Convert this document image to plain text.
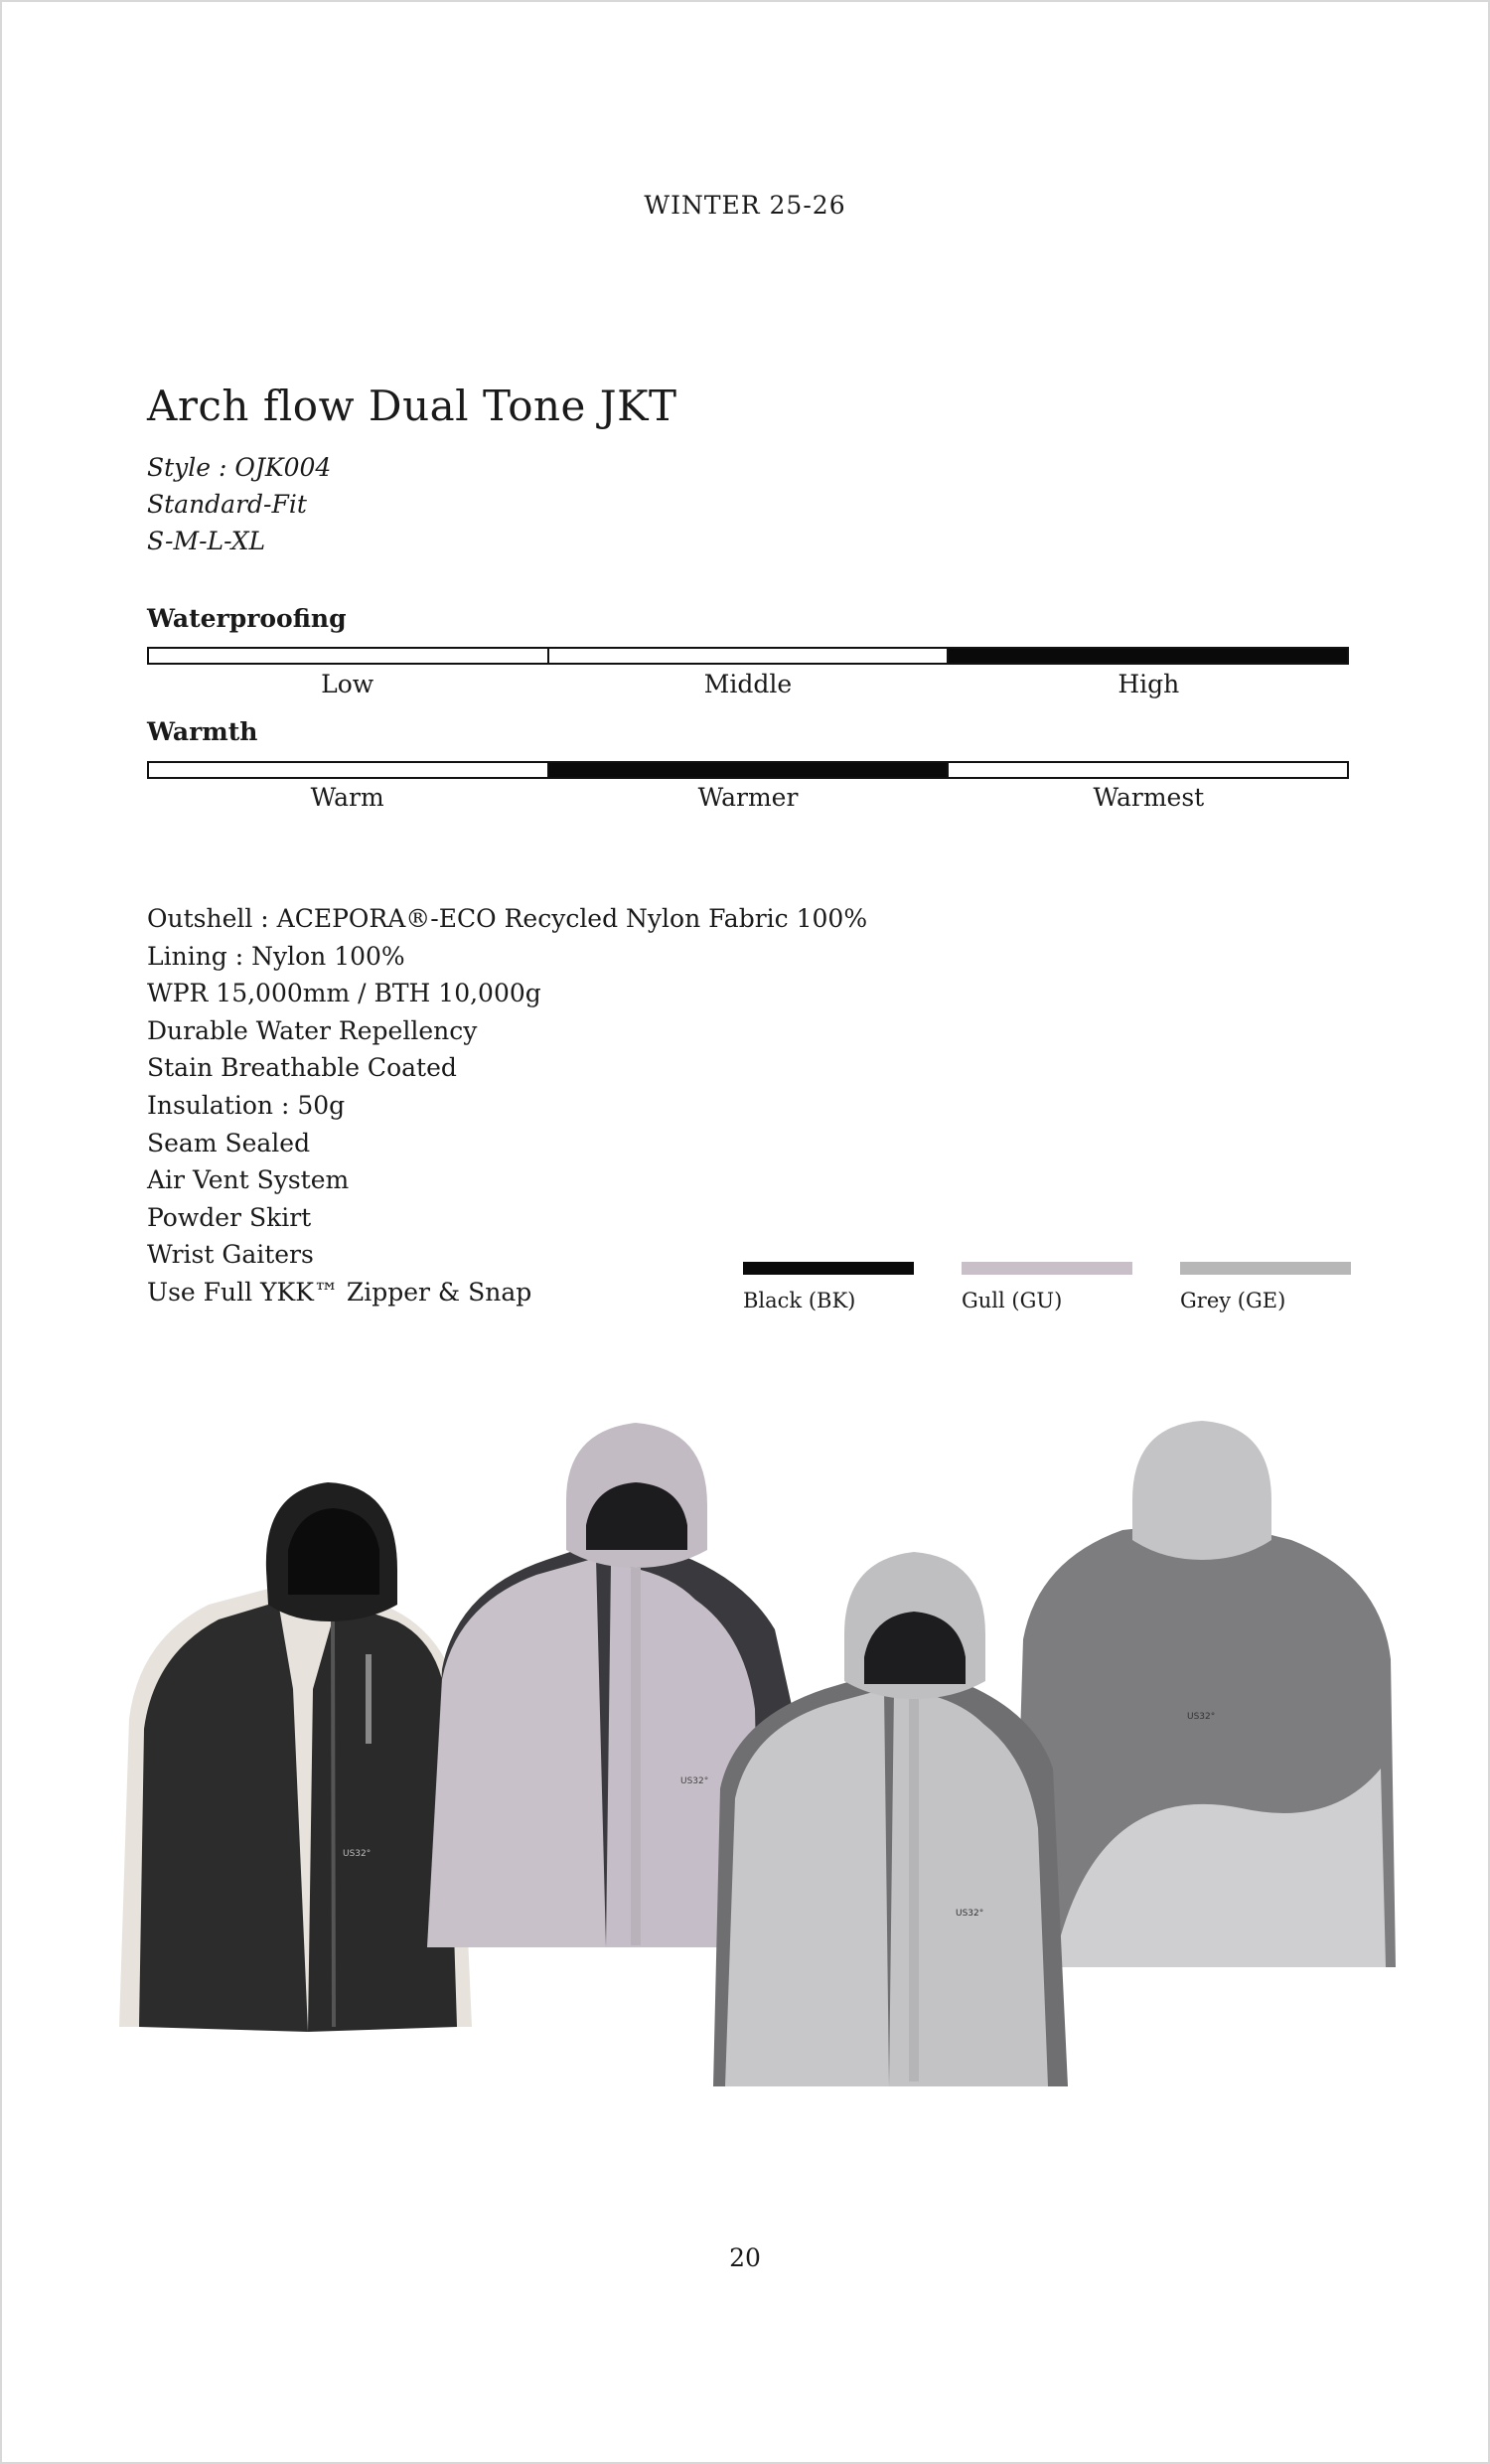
WINTER 25-26
Arch flow Dual Tone JKT
Style : OJK004
Standard-Fit
S-M-L-XL
Waterproofing
Low	Middle	High
Warmth
Warm	Warmer	Warmest
Outshell : ACEPORA®-ECO Recycled Nylon Fabric 100%
Lining : Nylon 100%
WPR 15,000mm / BTH 10,000g
Durable Water Repellency
Stain Breathable Coated
Insulation : 50g
Seam Sealed
Air Vent System
Powder Skirt
Wrist Gaiters
Use Full YKK™ Zipper & Snap	Black (BK)	Gull (GU)	Grey (GE)
US32°
US32°
US32°
US32°
20
